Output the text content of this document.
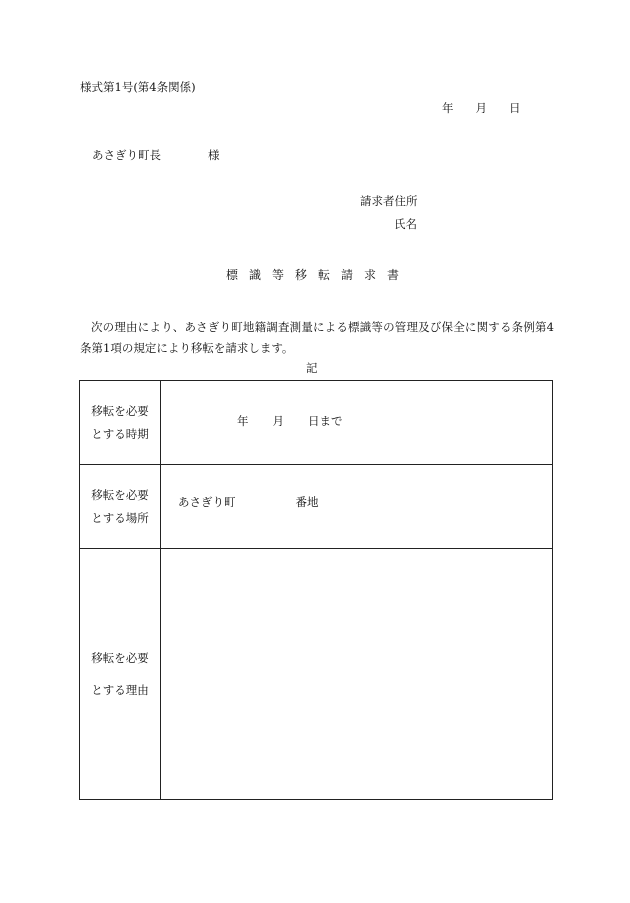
様式第1号(第4条関係)
年 月 日
あさぎり町長	様
請求者住所
氏名
標識等移転請求書
次の理由により、あさぎり町地籍調査測量による標識等の管理及び保全に関する条例第4条第1項の規定により移転を請求します。
記
移転を必要
とする時期	年 月 日まで

移転を必要
とする場所	あさぎり町 番地

移転を必要
とする理由	
